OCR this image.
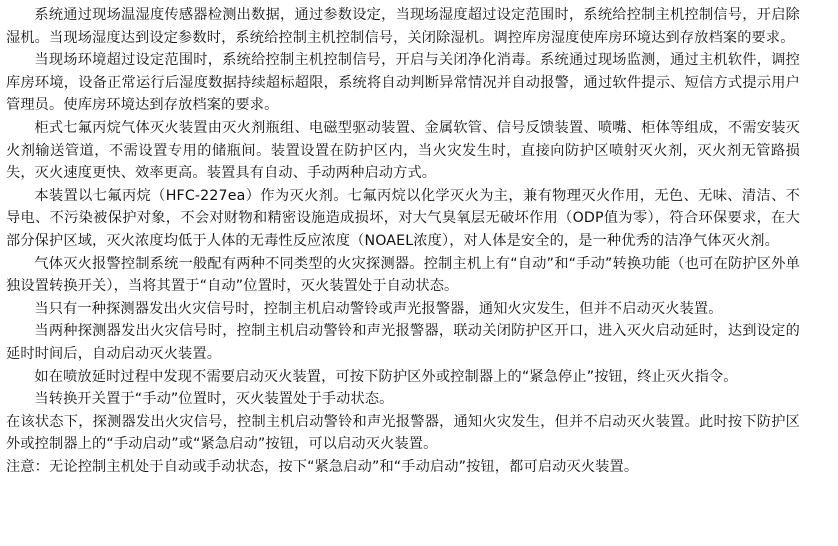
系统通过现场温湿度传感器检测出数据，通过参数设定，当现场湿度超过设定范围时，系统给控制主机控制信号，开启除湿机。当现场湿度达到设定参数时，系统给控制主机控制信号，关闭除湿机。调控库房湿度使库房环境达到存放档案的要求。

当现场环境超过设定范围时，系统给控制主机控制信号，开启与关闭净化消毒。系统通过现场监测，通过主机软件，调控库房环境，设备正常运行后湿度数据持续超标超限，系统将自动判断异常情况并自动报警，通过软件提示、短信方式提示用户管理员。使库房环境达到存放档案的要求。

柜式七氟丙烷气体灭火装置由灭火剂瓶组、电磁型驱动装置、金属软管、信号反馈装置、喷嘴、柜体等组成，不需安装灭火剂输送管道，不需设置专用的储瓶间。装置设置在防护区内，当火灾发生时，直接向防护区喷射灭火剂，灭火剂无管路损失，灭火速度更快、效率更高。装置具有自动、手动两种启动方式。

本装置以七氟丙烷（HFC-227ea）作为灭火剂。七氟丙烷以化学灭火为主，兼有物理灭火作用，无色、无味、清洁、不导电、不污染被保护对象，不会对财物和精密设施造成损坏，对大气臭氧层无破坏作用（ODP值为零），符合环保要求，在大部分保护区域，灭火浓度均低于人体的无毒性反应浓度（NOAEL浓度），对人体是安全的，是一种优秀的洁净气体灭火剂。

气体灭火报警控制系统一般配有两种不同类型的火灾探测器。控制主机上有“自动”和“手动”转换功能（也可在防护区外单独设置转换开关），当将其置于“自动”位置时，灭火装置处于自动状态。

当只有一种探测器发出火灾信号时，控制主机启动警铃或声光报警器，通知火灾发生，但并不启动灭火装置。

当两种探测器发出火灾信号时，控制主机启动警铃和声光报警器，联动关闭防护区开口，进入灭火启动延时，达到设定的延时时间后，自动启动灭火装置。

如在喷放延时过程中发现不需要启动灭火装置，可按下防护区外或控制器上的“紧急停止”按钮，终止灭火指令。

当转换开关置于“手动”位置时，灭火装置处于手动状态。

在该状态下，探测器发出火灾信号，控制主机启动警铃和声光报警器，通知火灾发生，但并不启动灭火装置。此时按下防护区外或控制器上的“手动启动”或“紧急启动”按钮，可以启动灭火装置。

注意：无论控制主机处于自动或手动状态，按下“紧急启动”和“手动启动”按钮，都可启动灭火装置。
